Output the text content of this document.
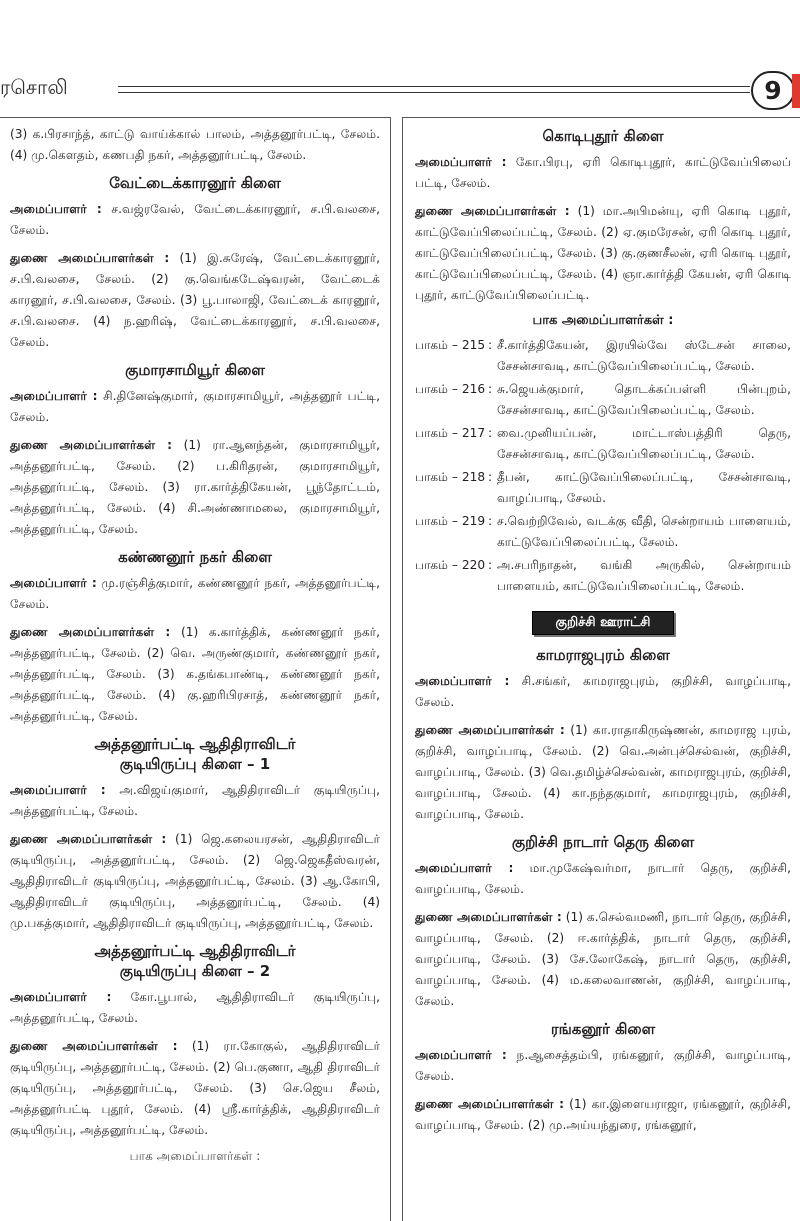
ரசொலி	9

(3) க.பிரசாந்த், காட்டு வாய்க்கால் பாலம், அத்தனூர்பட்டி, சேலம். (4) மு.கௌதம், கணபதி நகர், அத்தனூர்பட்டி, சேலம்.

வேட்டைக்காரனூர் கிளை

அமைப்பாளர் : ச.வஜ்ரவேல், வேட்டைக்காரனூர், ச.பி.வலசை, சேலம்.

துணை அமைப்பாளர்கள் : (1) இ.சுரேஷ், வேட்டைக்காரனூர், ச.பி.வலசை, சேலம். (2) கு.வெங்கடேஷ்வரன், வேட்டைக் காரனூர், ச.பி.வலசை, சேலம். (3) பூ.பாலாஜி, வேட்டைக் காரனூர், ச.பி.வலசை. (4) ந.ஹரிஷ், வேட்டைக்காரனூர், ச.பி.வலசை, சேலம்.

குமாரசாமியூர் கிளை

அமைப்பாளர் : சி.தினேஷ்குமார், குமாரசாமியூர், அத்தனூர் பட்டி, சேலம்.

துணை அமைப்பாளர்கள் : (1) ரா.ஆனந்தன், குமாரசாமியூர், அத்தனூர்பட்டி, சேலம். (2) ப.கிரிதரன், குமாரசாமியூர், அத்தனூர்பட்டி, சேலம். (3) ரா.கார்த்திகேயன், பூந்தோட்டம், அத்தனூர்பட்டி, சேலம். (4) சி.அண்ணாமலை, குமாரசாமியூர், அத்தனூர்பட்டி, சேலம்.

கண்ணனூர் நகர் கிளை

அமைப்பாளர் : மு.ரஞ்சித்குமார், கண்ணனூர் நகர், அத்தனூர்பட்டி, சேலம்.

துணை அமைப்பாளர்கள் : (1) க.கார்த்திக், கண்ணனூர் நகர், அத்தனூர்பட்டி, சேலம். (2) வெ. அருண்குமார், கண்ணனூர் நகர், அத்தனூர்பட்டி, சேலம். (3) க.தங்கபாண்டி, கண்ணனூர் நகர், அத்தனூர்பட்டி, சேலம். (4) கு.ஹரிபிரசாத், கண்ணனூர் நகர், அத்தனூர்பட்டி, சேலம்.

அத்தனூர்பட்டி ஆதிதிராவிடர்
குடியிருப்பு கிளை – 1

அமைப்பாளர் : அ.விஜய்குமார், ஆதிதிராவிடர் குடியிருப்பு, அத்தனூர்பட்டி, சேலம்.

துணை அமைப்பாளர்கள் : (1) ஜெ.கலையரசன், ஆதிதிராவிடர் குடியிருப்பு, அத்தனூர்பட்டி, சேலம். (2) ஜெ.ஜெகதீஸ்வரன், ஆதிதிராவிடர் குடியிருப்பு, அத்தனூர்பட்டி, சேலம். (3) ஆ.கோபி, ஆதிதிராவிடர் குடியிருப்பு, அத்தனூர்பட்டி, சேலம். (4) மு.பகத்குமார், ஆதிதிராவிடர் குடியிருப்பு, அத்தனூர்பட்டி, சேலம்.

அத்தனூர்பட்டி ஆதிதிராவிடர்
குடியிருப்பு கிளை – 2

அமைப்பாளர் : கோ.பூபால், ஆதிதிராவிடர் குடியிருப்பு, அத்தனூர்பட்டி, சேலம்.

துணை அமைப்பாளர்கள் : (1) ரா.கோகுல், ஆதிதிராவிடர் குடியிருப்பு, அத்தனூர்பட்டி, சேலம். (2) பெ.குணா, ஆதி திராவிடர் குடியிருப்பு, அத்தனூர்பட்டி, சேலம். (3) செ.ஜெய சீலம், அத்தனூர்பட்டி புதூர், சேலம். (4) ஸ்ரீ.கார்த்திக், ஆதிதிராவிடர் குடியிருப்பு, அத்தனூர்பட்டி, சேலம்.

பாக அமைப்பாளர்கள் :
கொடிபுதூர் கிளை

அமைப்பாளர் : கோ.பிரபு, ஏரி கொடிபுதூர், காட்டுவேப்பிலைப் பட்டி, சேலம்.

துணை அமைப்பாளர்கள் : (1) மா.அபிமன்யு, ஏரி கொடி புதூர், காட்டுவேப்பிலைப்பட்டி, சேலம். (2) ஏ.குமரேசன், ஏரி கொடி புதூர், காட்டுவேப்பிலைப்பட்டி, சேலம். (3) கு.குணசீலன், ஏரி கொடி புதூர், காட்டுவேப்பிலைப்பட்டி, சேலம். (4) ஞா.கார்த்தி கேயன், ஏரி கொடி புதூர், காட்டுவேப்பிலைப்பட்டி.

பாக அமைப்பாளர்கள் :
பாகம் – 215 : சீ.கார்த்திகேயன், இரயில்வே ஸ்டேசன் சாலை, சேசன்சாவடி, காட்டுவேப்பிலைப்பட்டி, சேலம்.
பாகம் – 216 : சு.ஜெயக்குமார், தொடக்கப்பள்ளி பின்புறம், சேசன்சாவடி, காட்டுவேப்பிலைப்பட்டி, சேலம்.
பாகம் – 217 : வை.முனியப்பன், மாட்டாஸ்பத்திரி தெரு, சேசன்சாவடி, காட்டுவேப்பிலைப்பட்டி, சேலம்.
பாகம் – 218 : தீபன், காட்டுவேப்பிலைப்பட்டி, சேசன்சாவடி, வாழப்பாடி, சேலம்.
பாகம் – 219 : ச.வெற்றிவேல், வடக்கு வீதி, சென்றாயம் பாளையம், காட்டுவேப்பிலைப்பட்டி, சேலம்.
பாகம் – 220 : அ.சபரிநாதன், வங்கி அருகில், சென்றாயம் பாளையம், காட்டுவேப்பிலைப்பட்டி, சேலம்.
குறிச்சி ஊராட்சி
காமராஜபுரம் கிளை

அமைப்பாளர் : சி.சங்கர், காமராஜபுரம், குறிச்சி, வாழப்பாடி, சேலம்.

துணை அமைப்பாளர்கள் : (1) கா.ராதாகிருஷ்ணன், காமராஜ புரம், குறிச்சி, வாழப்பாடி, சேலம். (2) வெ.அன்புச்செல்வன், குறிச்சி, வாழப்பாடி, சேலம். (3) வெ.தமிழ்ச்செல்வன், காமராஜபுரம், குறிச்சி, வாழப்பாடி, சேலம். (4) கா.நந்தகுமார், காமராஜபுரம், குறிச்சி, வாழப்பாடி, சேலம்.

குறிச்சி நாடார் தெரு கிளை

அமைப்பாளர் : மா.முகேஷ்வர்மா, நாடார் தெரு, குறிச்சி, வாழப்பாடி, சேலம்.

துணை அமைப்பாளர்கள் : (1) க.செல்வமணி, நாடார் தெரு, குறிச்சி, வாழப்பாடி, சேலம். (2) ஈ.கார்த்திக், நாடார் தெரு, குறிச்சி, வாழப்பாடி, சேலம். (3) சே.லோகேஷ், நாடார் தெரு, குறிச்சி, வாழப்பாடி, சேலம். (4) ம.கலைவாணன், குறிச்சி, வாழப்பாடி, சேலம்.

ரங்கனூர் கிளை

அமைப்பாளர் : ந.ஆசைத்தம்பி, ரங்கனூர், குறிச்சி, வாழப்பாடி, சேலம்.

துணை அமைப்பாளர்கள் : (1) கா.இளையராஜா, ரங்கனூர், குறிச்சி, வாழப்பாடி, சேலம். (2) மு.அய்யந்துரை, ரங்கனூர்,
